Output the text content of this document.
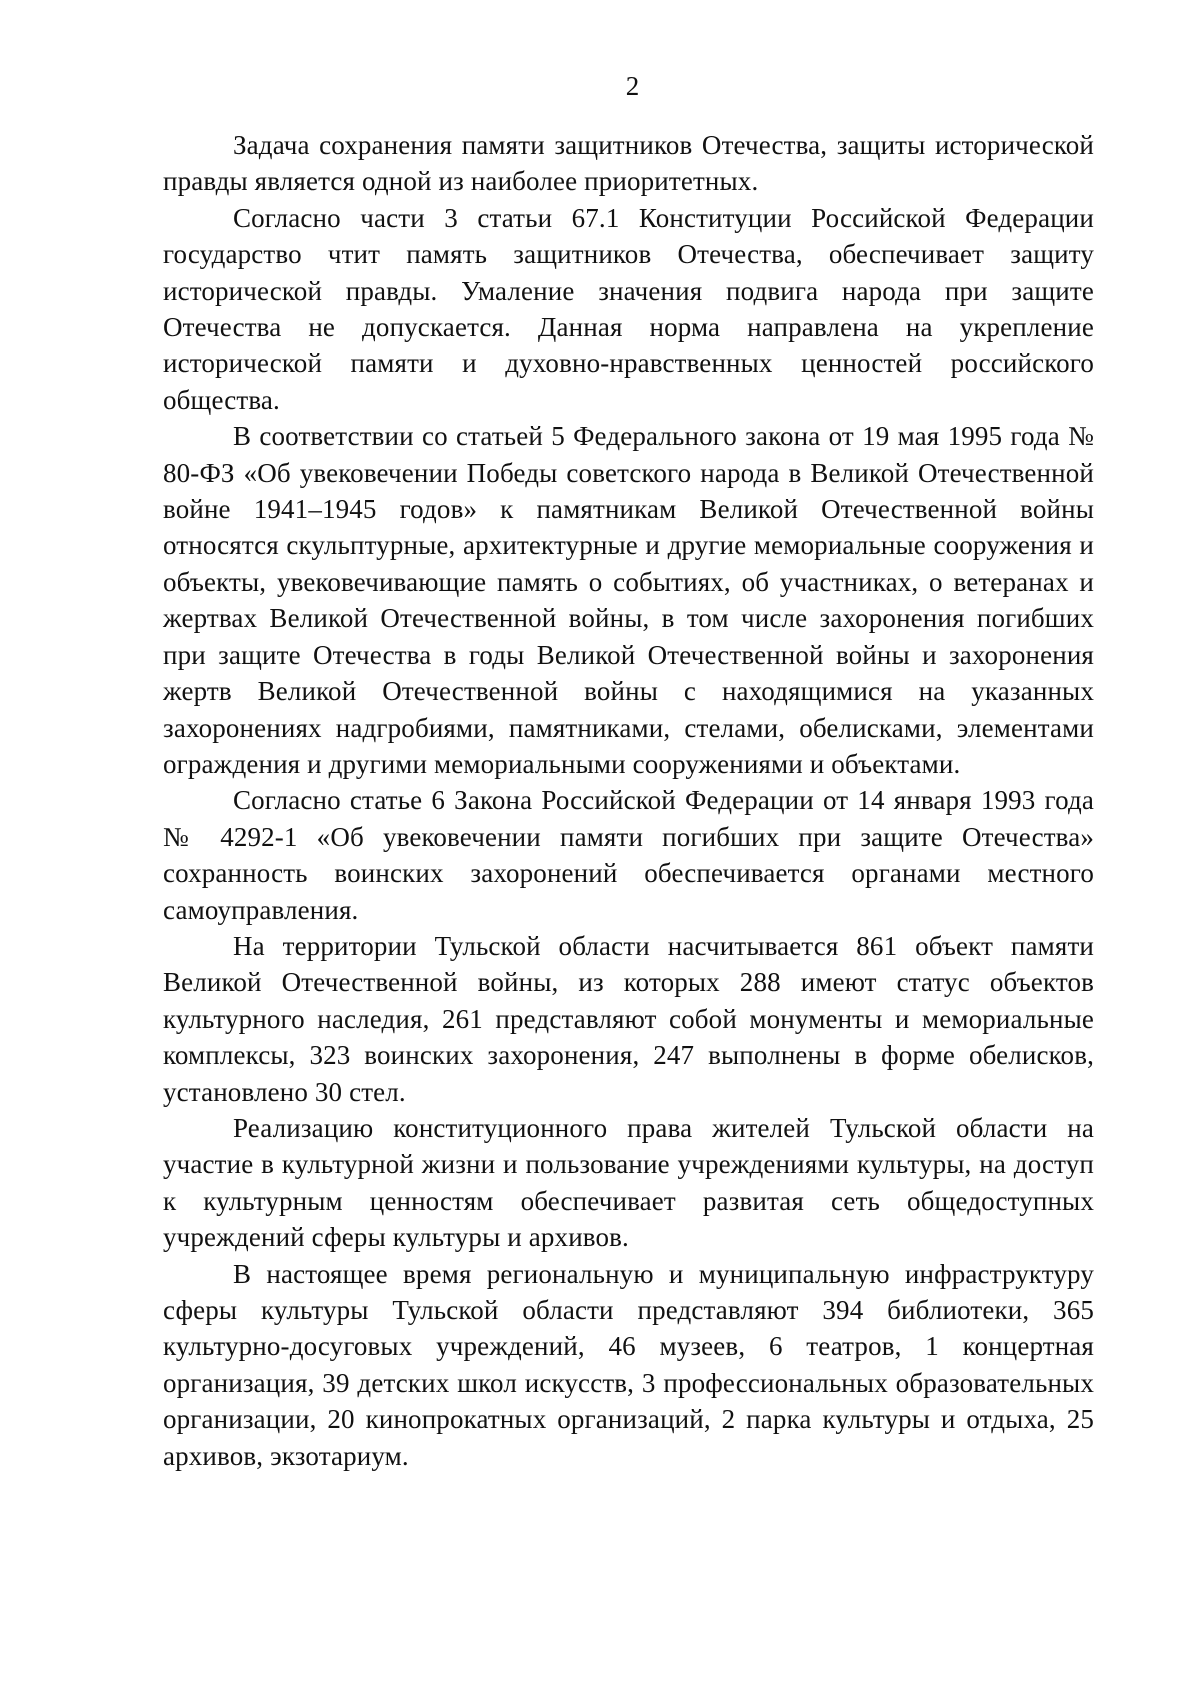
2

Задача сохранения памяти защитников Отечества, защиты исторической правды является одной из наиболее приоритетных.

Согласно части 3 статьи 67.1 Конституции Российской Федерации государство чтит память защитников Отечества, обеспечивает защиту исторической правды. Умаление значения подвига народа при защите Отечества не допускается. Данная норма направлена на укрепление исторической памяти и духовно-нравственных ценностей российского общества.

В соответствии со статьей 5 Федерального закона от 19 мая 1995 года № 80-ФЗ «Об увековечении Победы советского народа в Великой Отечественной войне 1941–1945 годов» к памятникам Великой Отечественной войны относятся скульптурные, архитектурные и другие мемориальные сооружения и объекты, увековечивающие память о событиях, об участниках, о ветеранах и жертвах Великой Отечественной войны, в том числе захоронения погибших при защите Отечества в годы Великой Отечественной войны и захоронения жертв Великой Отечественной войны с находящимися на указанных захоронениях надгробиями, памятниками, стелами, обелисками, элементами ограждения и другими мемориальными сооружениями и объектами.

Согласно статье 6 Закона Российской Федерации от 14 января 1993 года № 4292-1 «Об увековечении памяти погибших при защите Отечества» сохранность воинских захоронений обеспечивается органами местного самоуправления.

На территории Тульской области насчитывается 861 объект памяти Великой Отечественной войны, из которых 288 имеют статус объектов культурного наследия, 261 представляют собой монументы и мемориальные комплексы, 323 воинских захоронения, 247 выполнены в форме обелисков, установлено 30 стел.

Реализацию конституционного права жителей Тульской области на участие в культурной жизни и пользование учреждениями культуры, на доступ к культурным ценностям обеспечивает развитая сеть общедоступных учреждений сферы культуры и архивов.

В настоящее время региональную и муниципальную инфраструктуру сферы культуры Тульской области представляют 394 библиотеки, 365 культурно-досуговых учреждений, 46 музеев, 6 театров, 1 концертная организация, 39 детских школ искусств, 3 профессиональных образовательных организации, 20 кинопрокатных организаций, 2 парка культуры и отдыха, 25 архивов, экзотариум.
